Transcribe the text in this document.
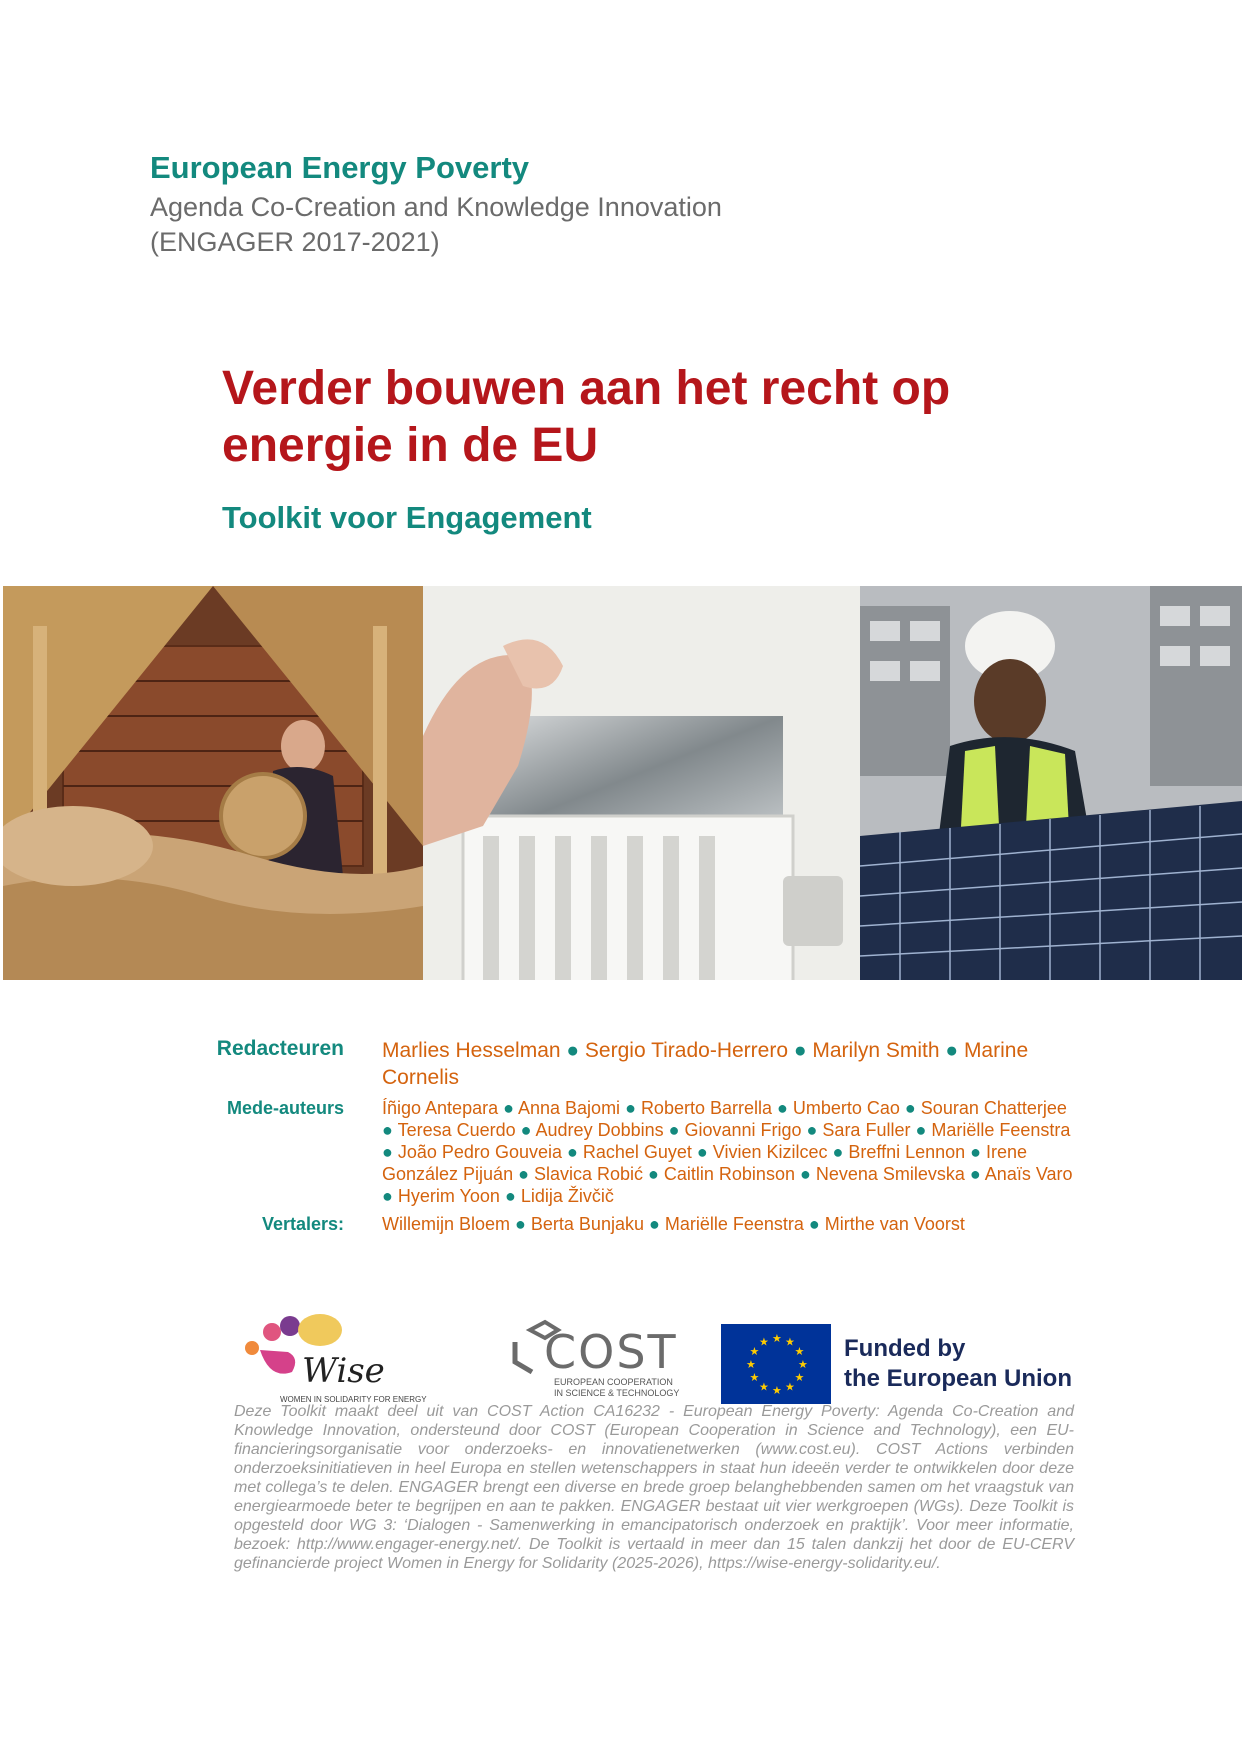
European Energy Poverty
Agenda Co-Creation and Knowledge Innovation
(ENGAGER 2017-2021)
Verder bouwen aan het recht op
energie in de EU
Toolkit voor Engagement
Redacteuren	Marlies Hesselman ● Sergio Tirado-Herrero ● Marilyn Smith ● Marine Cornelis
Mede-auteurs	Íñigo Antepara ● Anna Bajomi ● Roberto Barrella ● Umberto Cao ● Souran Chatterjee ● Teresa Cuerdo ● Audrey Dobbins ● Giovanni Frigo ● Sara Fuller ● Mariëlle Feenstra ● João Pedro Gouveia ● Rachel Guyet ● Vivien Kizilcec ● Breffni Lennon ● Irene González Pijuán ● Slavica Robić ● Caitlin Robinson ● Nevena Smilevska ● Anaïs Varo ● Hyerim Yoon ● Lidija Živčič
Vertalers:	Willemijn Bloem ● Berta Bunjaku ● Mariëlle Feenstra ● Mirthe van Voorst
Wise
WOMEN IN SOLIDARITY FOR ENERGY
COST
EUROPEAN COOPERATION
IN SCIENCE & TECHNOLOGY
★
★
★
★
★
★
★
★
★ ★ ★
★ Funded by
the European Union
Deze Toolkit maakt deel uit van COST Action CA16232 - European Energy Poverty: Agenda Co-Creation and Knowledge Innovation, ondersteund door COST (European Cooperation in Science and Technology), een EU-financieringsorganisatie voor onderzoeks- en innovatienetwerken (www.cost.eu). COST Actions verbinden onderzoeksinitiatieven in heel Europa en stellen wetenschappers in staat hun ideeën verder te ontwikkelen door deze met collega’s te delen. ENGAGER brengt een diverse en brede groep belanghebbenden samen om het vraagstuk van energiearmoede beter te begrijpen en aan te pakken. ENGAGER bestaat uit vier werkgroepen (WGs). Deze Toolkit is opgesteld door WG 3: ‘Dialogen - Samenwerking in emancipatorisch onderzoek en praktijk’. Voor meer informatie, bezoek: http://www.engager-energy.net/. De Toolkit is vertaald in meer dan 15 talen dankzij het door de EU-CERV gefinancierde project Women in Energy for Solidarity (2025-2026), https://wise-energy-solidarity.eu/.
